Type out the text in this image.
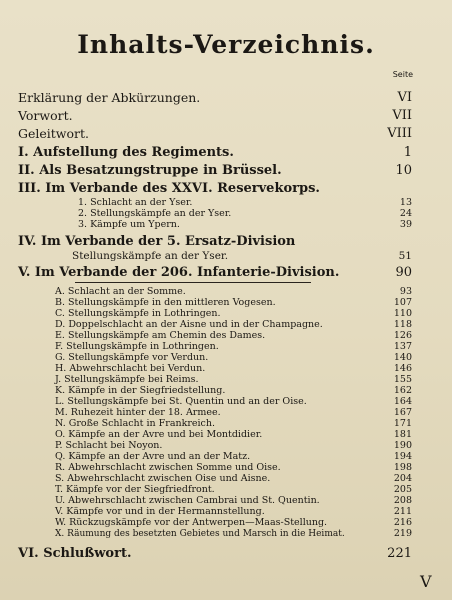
Inhalts-Verzeichnis.
Seite
Erklärung der Abkürzungen.	VI
Vorwort.	VII
Geleitwort.	VIII
I. Aufstellung des Regiments.	1
II. Als Besatzungstruppe in Brüssel.	10
III. Im Verbande des XXVI. Reservekorps.
1. Schlacht an der Yser.	13
2. Stellungskämpfe an der Yser.	24
3. Kämpfe um Ypern.	39
IV. Im Verbande der 5. Ersatz-Division
Stellungskämpfe an der Yser.	51
V. Im Verbande der 206. Infanterie-Division.	90
A. Schlacht an der Somme.	93
B. Stellungskämpfe in den mittleren Vogesen.	107
C. Stellungskämpfe in Lothringen.	110
D. Doppelschlacht an der Aisne und in der Champagne.	118
E. Stellungskämpfe am Chemin des Dames.	126
F. Stellungskämpfe in Lothringen.	137
G. Stellungskämpfe vor Verdun.	140
H. Abwehrschlacht bei Verdun.	146
J. Stellungskämpfe bei Reims.	155
K. Kämpfe in der Siegfriedstellung.	162
L. Stellungskämpfe bei St. Quentin und an der Oise.	164
M. Ruhezeit hinter der 18. Armee.	167
N. Große Schlacht in Frankreich.	171
O. Kämpfe an der Avre und bei Montdidier.	181
P. Schlacht bei Noyon.	190
Q. Kämpfe an der Avre und an der Matz.	194
R. Abwehrschlacht zwischen Somme und Oise.	198
S. Abwehrschlacht zwischen Oise und Aisne.	204
T. Kämpfe vor der Siegfriedfront.	205
U. Abwehrschlacht zwischen Cambrai und St. Quentin.	208
V. Kämpfe vor und in der Hermannstellung.	211
W. Rückzugskämpfe vor der Antwerpen—Maas-Stellung.	216
X. Räumung des besetzten Gebietes und Marsch in die Heimat.	219
VI. Schlußwort.	221
V
